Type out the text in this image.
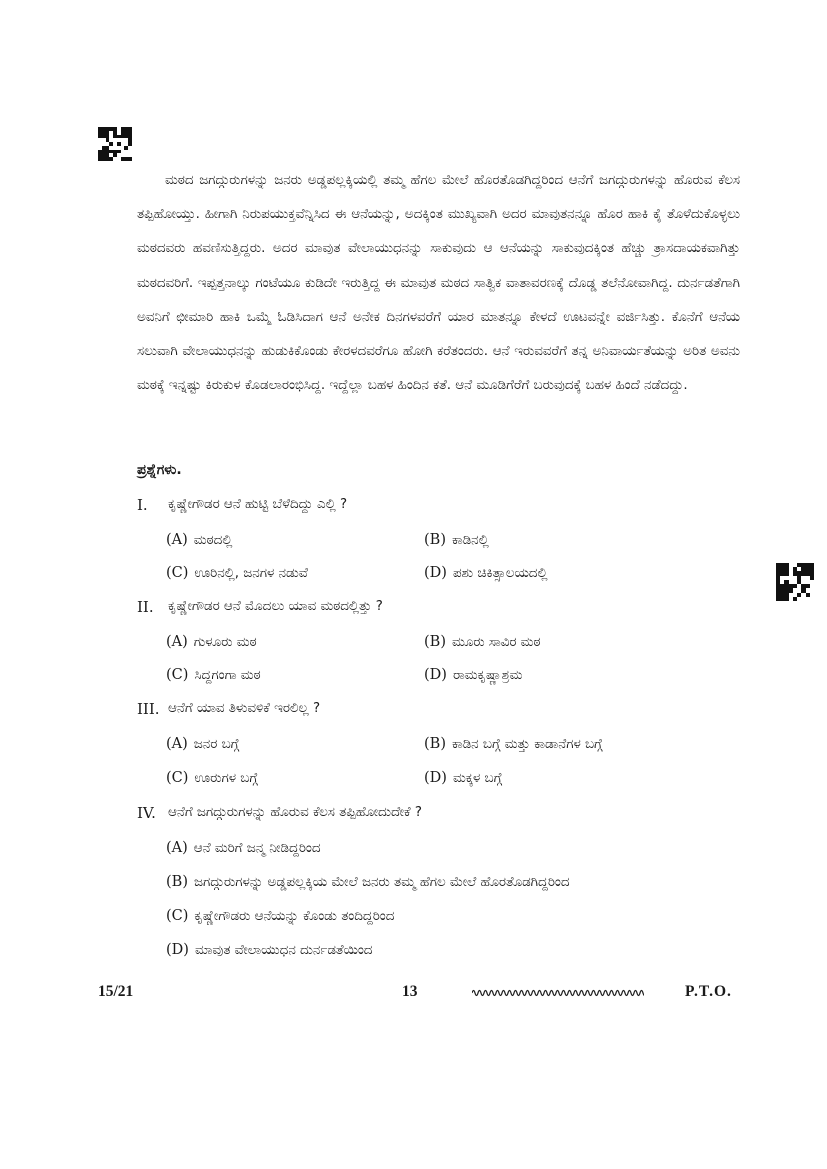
ಮಠದ ಜಗದ್ಗುರುಗಳನ್ನು ಜನರು ಅಡ್ಡಪಲ್ಲಕ್ಕಿಯಲ್ಲಿ ತಮ್ಮ ಹೆಗಲ ಮೇಲೆ ಹೊರತೊಡಗಿದ್ದರಿಂದ ಆನೆಗೆ ಜಗದ್ಗುರುಗಳನ್ನು ಹೊರುವ ಕೆಲಸ ತಪ್ಪಿಹೋಯ್ತು. ಹೀಗಾಗಿ ನಿರುಪಯುಕ್ತವೆನ್ನಿಸಿದ ಈ ಆನೆಯನ್ನು, ಅದಕ್ಕಿಂತ ಮುಖ್ಯವಾಗಿ ಅದರ ಮಾವುತನನ್ನೂ ಹೊರ ಹಾಕಿ ಕೈ ತೊಳೆದುಕೊಳ್ಳಲು ಮಠದವರು ಹವಣಿಸುತ್ತಿದ್ದರು. ಅದರ ಮಾವುತ ವೇಲಾಯುಧನನ್ನು ಸಾಕುವುದು ಆ ಆನೆಯನ್ನು ಸಾಕುವುದಕ್ಕಿಂತ ಹೆಚ್ಚು ತ್ರಾಸದಾಯಕವಾಗಿತ್ತು ಮಠದವರಿಗೆ. ಇಪ್ಪತ್ತನಾಲ್ಕು ಗಂಟೆಯೂ ಕುಡಿದೇ ಇರುತ್ತಿದ್ದ ಈ ಮಾವುತ ಮಠದ ಸಾತ್ವಿಕ ವಾತಾವರಣಕ್ಕೆ ದೊಡ್ಡ ತಲೆನೋವಾಗಿದ್ದ. ದುರ್ನಡತೆಗಾಗಿ ಅವನಿಗೆ ಛೀಮಾರಿ ಹಾಕಿ ಒಮ್ಮೆ ಓಡಿಸಿದಾಗ ಆನೆ ಅನೇಕ ದಿನಗಳವರೆಗೆ ಯಾರ ಮಾತನ್ನೂ ಕೇಳದೆ ಊಟವನ್ನೇ ವರ್ಜಿಸಿತ್ತು. ಕೊನೆಗೆ ಆನೆಯ ಸಲುವಾಗಿ ವೇಲಾಯುಧನನ್ನು ಹುಡುಕಿಕೊಂಡು ಕೇರಳದವರೆಗೂ ಹೋಗಿ ಕರೆತಂದರು. ಆನೆ ಇರುವವರೆಗೆ ತನ್ನ ಅನಿವಾರ್ಯತೆಯನ್ನು ಅರಿತ ಅವನು ಮಠಕ್ಕೆ ಇನ್ನಷ್ಟು ಕಿರುಕುಳ ಕೊಡಲಾರಂಭಿಸಿದ್ದ. ಇದ್ದೆಲ್ಲಾ ಬಹಳ ಹಿಂದಿನ ಕತೆ. ಆನೆ ಮೂಡಿಗೆರೆಗೆ ಬರುವುದಕ್ಕೆ ಬಹಳ ಹಿಂದೆ ನಡೆದದ್ದು.

ಪ್ರಶ್ನೆಗಳು.

I. ಕೃಷ್ಣೇಗೌಡರ ಆನೆ ಹುಟ್ಟಿ ಬೆಳೆದಿದ್ದು ಎಲ್ಲಿ ?
(A) ಮಠದಲ್ಲಿ	(B) ಕಾಡಿನಲ್ಲಿ
(C) ಊರಿನಲ್ಲಿ, ಜನಗಳ ನಡುವೆ	(D) ಪಶು ಚಿಕಿತ್ಸಾಲಯದಲ್ಲಿ
II. ಕೃಷ್ಣೇಗೌಡರ ಆನೆ ಮೊದಲು ಯಾವ ಮಠದಲ್ಲಿತ್ತು ?
(A) ಗುಳೂರು ಮಠ	(B) ಮೂರು ಸಾವಿರ ಮಠ
(C) ಸಿದ್ದಗಂಗಾ ಮಠ	(D) ರಾಮಕೃಷ್ಣಾಶ್ರಮ
III. ಆನೆಗೆ ಯಾವ ತಿಳುವಳಿಕೆ ಇರಲಿಲ್ಲ ?
(A) ಜನರ ಬಗ್ಗೆ	(B) ಕಾಡಿನ ಬಗ್ಗೆ ಮತ್ತು ಕಾಡಾನೆಗಳ ಬಗ್ಗೆ
(C) ಊರುಗಳ ಬಗ್ಗೆ	(D) ಮಕ್ಕಳ ಬಗ್ಗೆ
IV. ಆನೆಗೆ ಜಗದ್ಗುರುಗಳನ್ನು ಹೊರುವ ಕೆಲಸ ತಪ್ಪಿಹೋದುದೇಕೆ ?
(A) ಆನೆ ಮರಿಗೆ ಜನ್ಮ ನೀಡಿದ್ದರಿಂದ
(B) ಜಗದ್ಗುರುಗಳನ್ನು ಅಡ್ಡಪಲ್ಲಕ್ಕಿಯ ಮೇಲೆ ಜನರು ತಮ್ಮ ಹೆಗಲ ಮೇಲೆ ಹೊರತೊಡಗಿದ್ದರಿಂದ
(C) ಕೃಷ್ಣೇಗೌಡರು ಆನೆಯನ್ನು ಕೊಂಡು ತಂದಿದ್ದರಿಂದ
(D) ಮಾವುತ ವೇಲಾಯುಧನ ದುರ್ನಡತೆಯಿಂದ
15/21	13	P.T.O.
